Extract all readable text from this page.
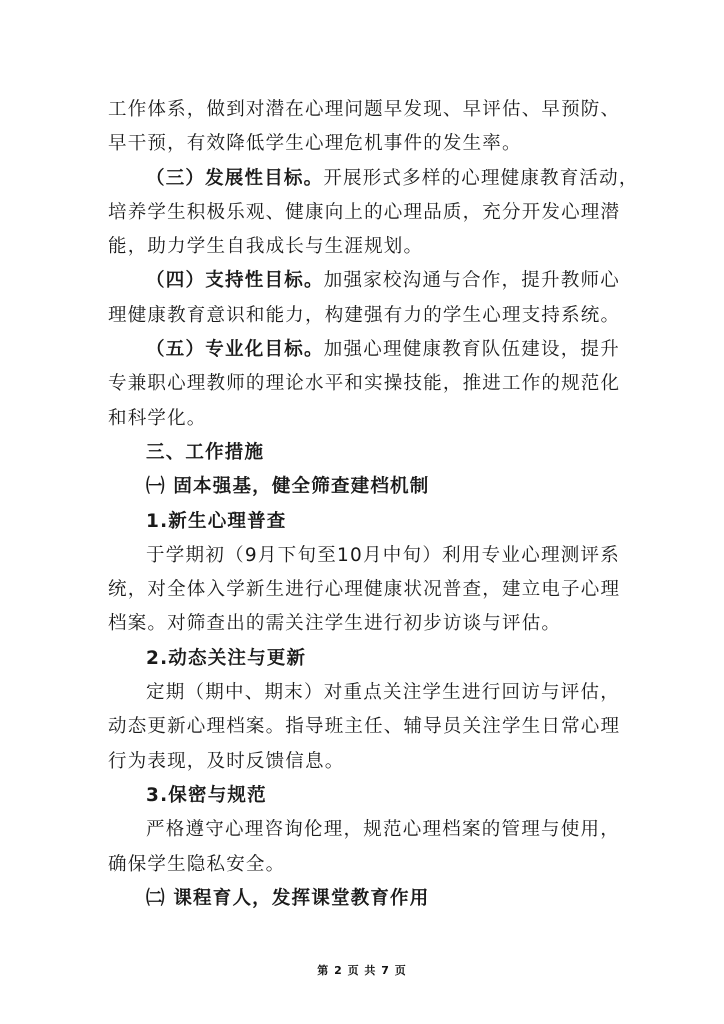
工作体系，做到对潜在心理问题早发现、早评估、早预防、
早干预，有效降低学生心理危机事件的发生率。

（三）发展性目标。开展形式多样的心理健康教育活动，
培养学生积极乐观、健康向上的心理品质，充分开发心理潜
能，助力学生自我成长与生涯规划。

（四）支持性目标。加强家校沟通与合作，提升教师心
理健康教育意识和能力，构建强有力的学生心理支持系统。

（五）专业化目标。加强心理健康教育队伍建设，提升
专兼职心理教师的理论水平和实操技能，推进工作的规范化
和科学化。

三、工作措施

㈠ 固本强基，健全筛查建档机制

1.新生心理普查

于学期初（9月下旬至10月中旬）利用专业心理测评系
统，对全体入学新生进行心理健康状况普查，建立电子心理
档案。对筛查出的需关注学生进行初步访谈与评估。

2.动态关注与更新

定期（期中、期末）对重点关注学生进行回访与评估，
动态更新心理档案。指导班主任、辅导员关注学生日常心理
行为表现，及时反馈信息。

3.保密与规范

严格遵守心理咨询伦理，规范心理档案的管理与使用，
确保学生隐私安全。

㈡ 课程育人，发挥课堂教育作用

第 2 页 共 7 页
